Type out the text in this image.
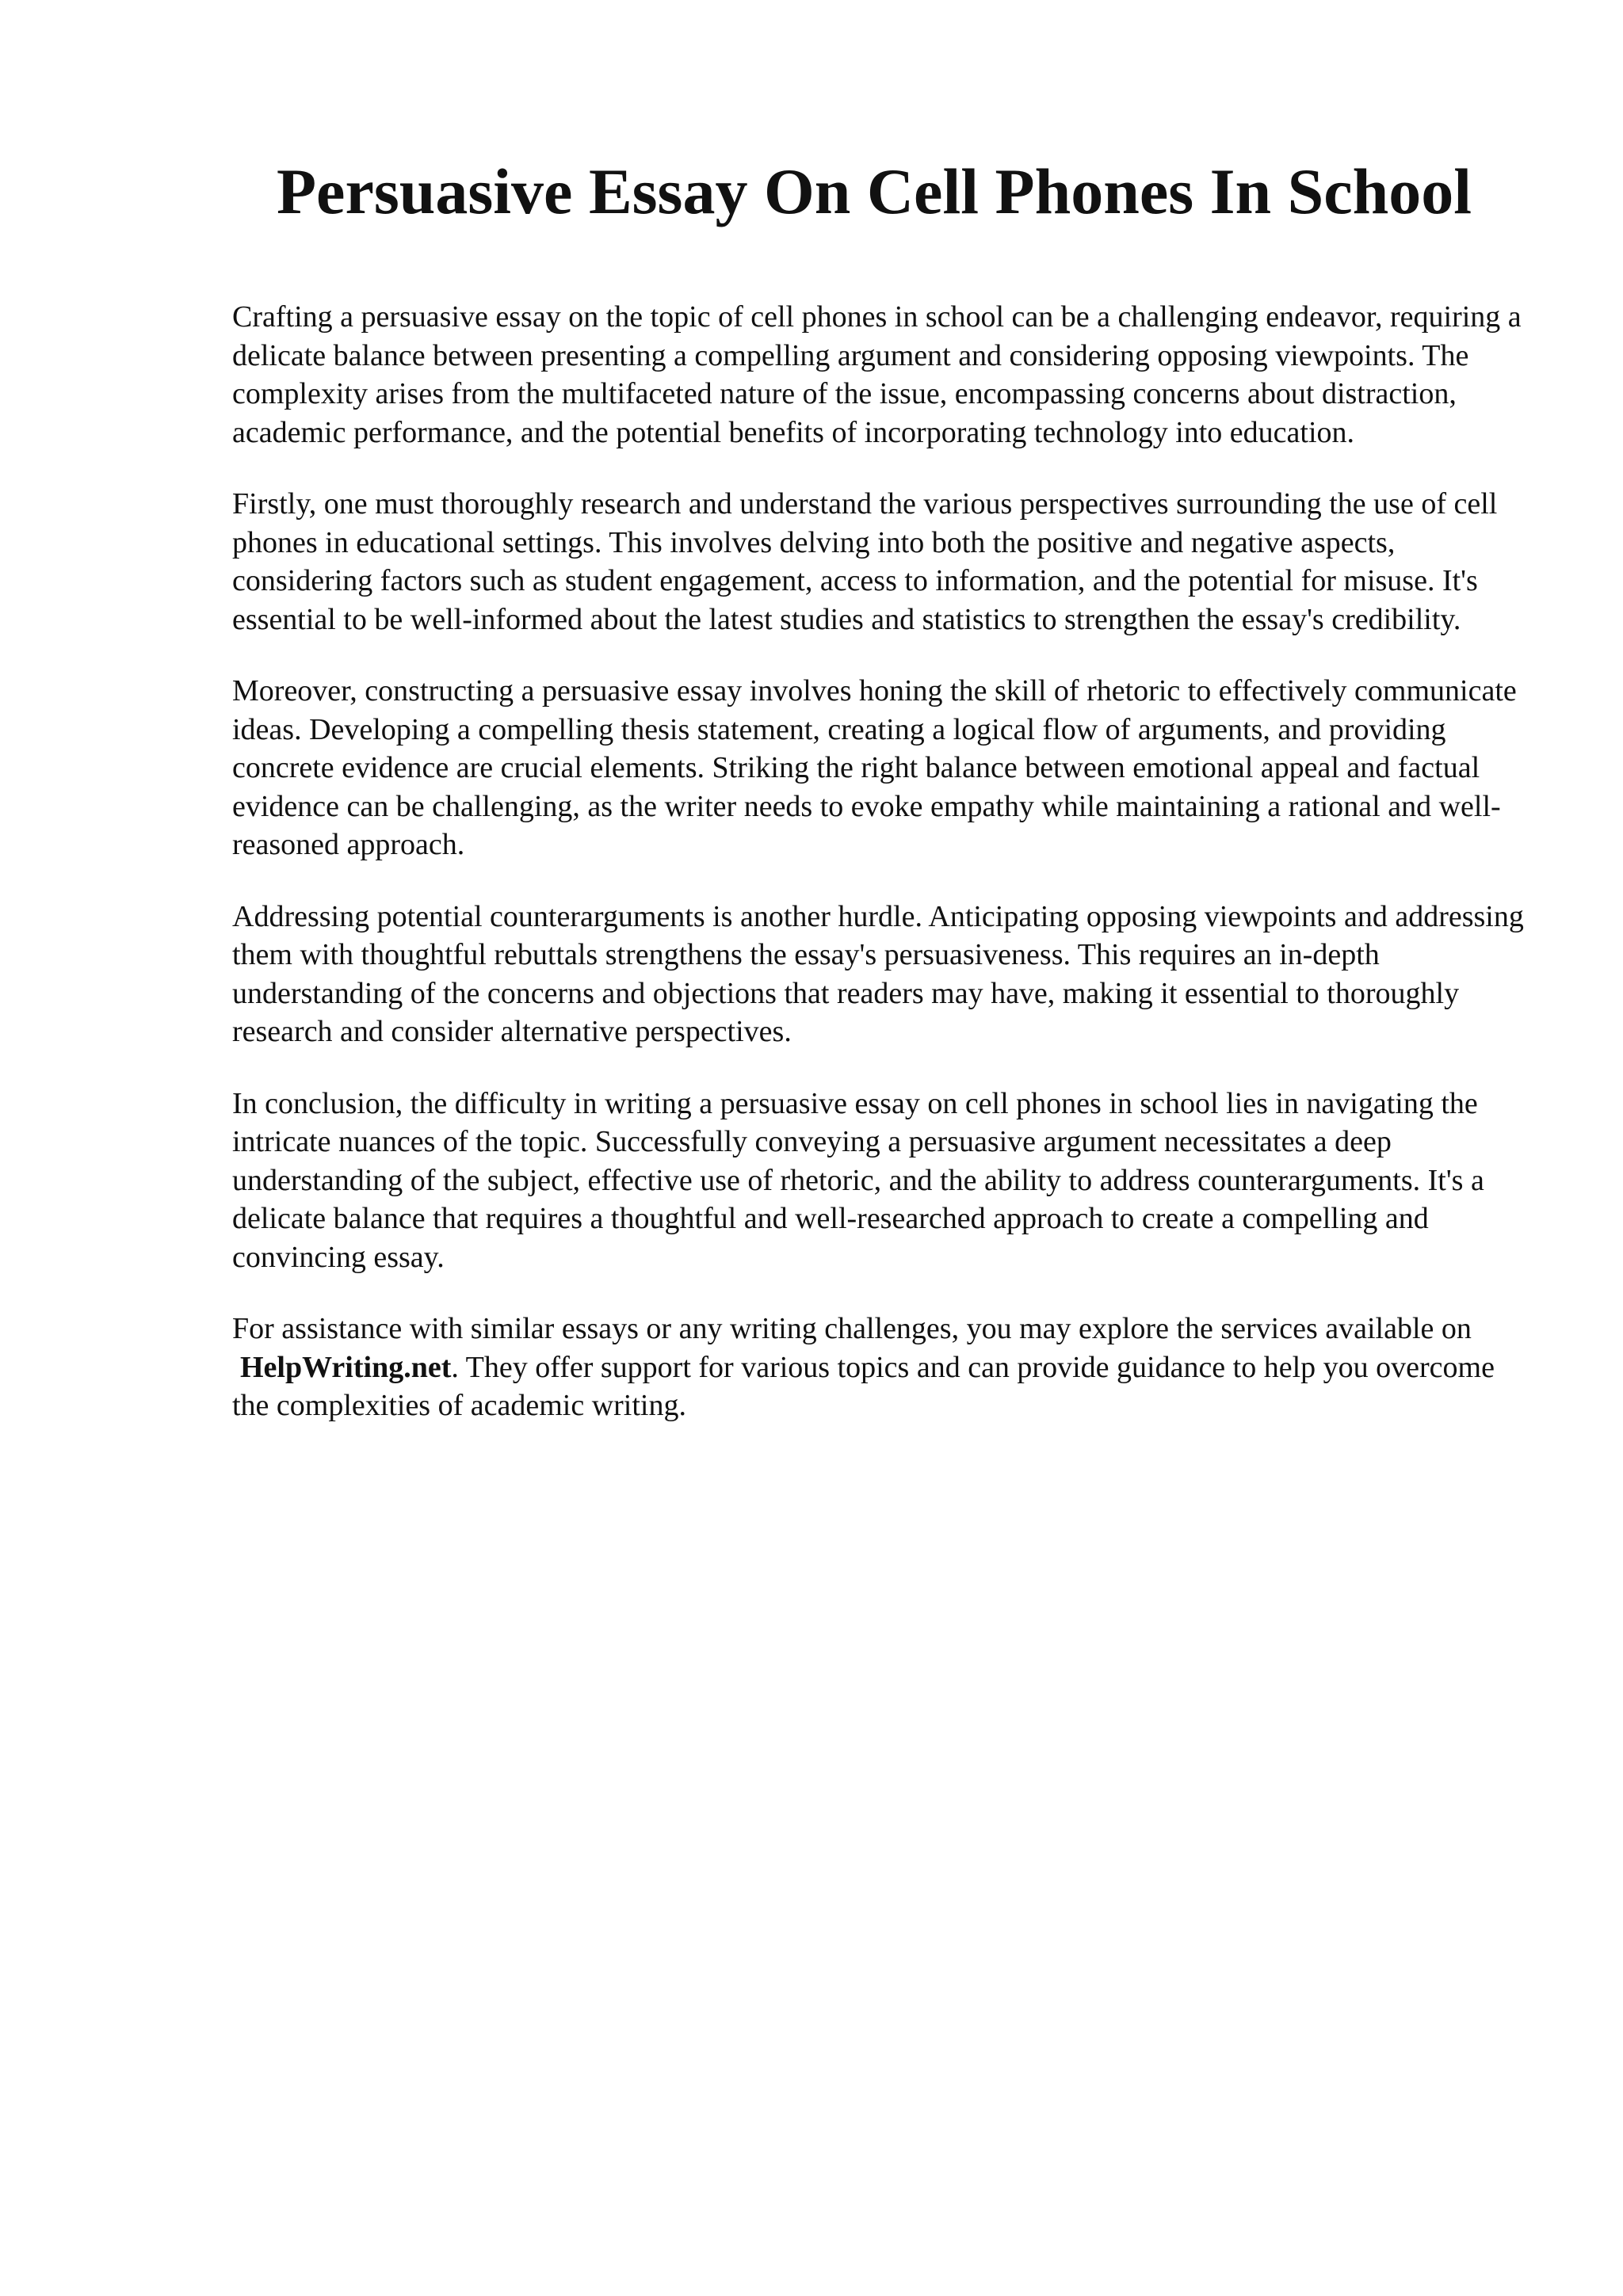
Persuasive Essay On Cell Phones In School

Crafting a persuasive essay on the topic of cell phones in school can be a challenging endeavor, requiring a delicate balance between presenting a compelling argument and considering opposing viewpoints. The complexity arises from the multifaceted nature of the issue, encompassing concerns about distraction, academic performance, and the potential benefits of incorporating technology into education.

Firstly, one must thoroughly research and understand the various perspectives surrounding the use of cell phones in educational settings. This involves delving into both the positive and negative aspects, considering factors such as student engagement, access to information, and the potential for misuse. It's essential to be well-informed about the latest studies and statistics to strengthen the essay's credibility.

Moreover, constructing a persuasive essay involves honing the skill of rhetoric to effectively communicate ideas. Developing a compelling thesis statement, creating a logical flow of arguments, and providing concrete evidence are crucial elements. Striking the right balance between emotional appeal and factual evidence can be challenging, as the writer needs to evoke empathy while maintaining a rational and well-reasoned approach.

Addressing potential counterarguments is another hurdle. Anticipating opposing viewpoints and addressing them with thoughtful rebuttals strengthens the essay's persuasiveness. This requires an in-depth understanding of the concerns and objections that readers may have, making it essential to thoroughly research and consider alternative perspectives.

In conclusion, the difficulty in writing a persuasive essay on cell phones in school lies in navigating the intricate nuances of the topic. Successfully conveying a persuasive argument necessitates a deep understanding of the subject, effective use of rhetoric, and the ability to address counterarguments. It's a delicate balance that requires a thoughtful and well-researched approach to create a compelling and convincing essay.

For assistance with similar essays or any writing challenges, you may explore the services available on HelpWriting.net. They offer support for various topics and can provide guidance to help you overcome the complexities of academic writing.
